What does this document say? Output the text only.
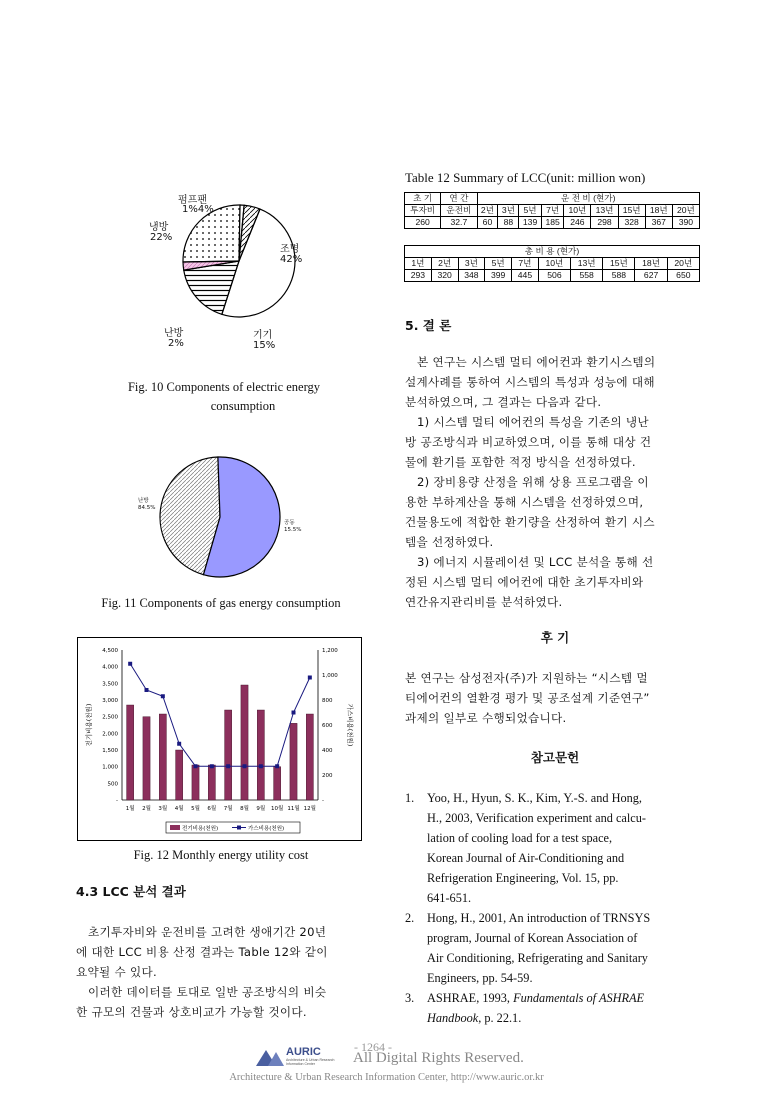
펌프팬
1%4%
냉방
22%
조명
42%
난방
2%
기기
15%
Fig. 10 Components of electric energy
consumption
난방
84.5%
공동
15.5%
Fig. 11 Components of gas energy consumption
-
500
1,000
1,500
2,000
2,500
3,000
3,500
4,000
4,500
-
200
400
600
800
1,000
1,200
1월 2월 3월 4월 5월 6월 7월 8월 9월 10월 11월 12월
전기비용(천원)	가스비용(천원)
전기비용(천원)	가스비용(천원)
Fig. 12 Monthly energy utility cost
4.3 LCC 분석 결과

초기투자비와 운전비를 고려한 생애기간 20년

에 대한 LCC 비용 산정 결과는 Table 12와 같이

요약될 수 있다.

이러한 데이터를 토대로 일반 공조방식의 비슷

한 규모의 건물과 상호비교가 가능할 것이다.

Table 12 Summary of LCC(unit: million won)
초 기	연 간	운 전 비 (현가)								
투자비	운전비	2년	3년	5년	7년	10년	13년	15년	18년	20년
260	32.7	60	88	139	185	246	298	328	367	390
총 비 용 (현가)									
1년	2년	3년	5년	7년	10년	13년	15년	18년	20년
293	320	348	399	445	506	558	588	627	650
5. 결 론

본 연구는 시스템 멀티 에어컨과 환기시스템의

설계사례를 통하여 시스템의 특성과 성능에 대해

분석하였으며, 그 결과는 다음과 같다.

1) 시스템 멀티 에어컨의 특성을 기존의 냉난

방 공조방식과 비교하였으며, 이를 통해 대상 건

물에 환기를 포함한 적정 방식을 선정하였다.

2) 장비용량 산정을 위해 상용 프로그램을 이

용한 부하계산을 통해 시스템을 선정하였으며,

건물용도에 적합한 환기량을 산정하여 환기 시스

템을 선정하였다.

3) 에너지 시뮬레이션 및 LCC 분석을 통해 선

정된 시스템 멀티 에어컨에 대한 초기투자비와

연간유지관리비를 분석하였다.

후 기

본 연구는 삼성전자(주)가 지원하는 “시스템 멀

티에어컨의 열환경 평가 및 공조설계 기준연구”

과제의 일부로 수행되었습니다.

참고문헌
1. Yoo, H., Hyun, S. K., Kim, Y.-S. and Hong,
H., 2003, Verification experiment and calcu-
lation of cooling load for a test space,
Korean Journal of Air-Conditioning and
Refrigeration Engineering, Vol. 15, pp.
641-651.
2. Hong, H., 2001, An introduction of TRNSYS
program, Journal of Korean Association of
Air Conditioning, Refrigerating and Sanitary
Engineers, pp. 54-59.
3. ASHRAE, 1993, Fundamentals of ASHRAE
Handbook, p. 22.1.
- 1264 -
AURIC
Architecture & Urban Research Information Center	All Digital Rights Reserved.
Architecture & Urban Research Information Center, http://www.auric.or.kr
